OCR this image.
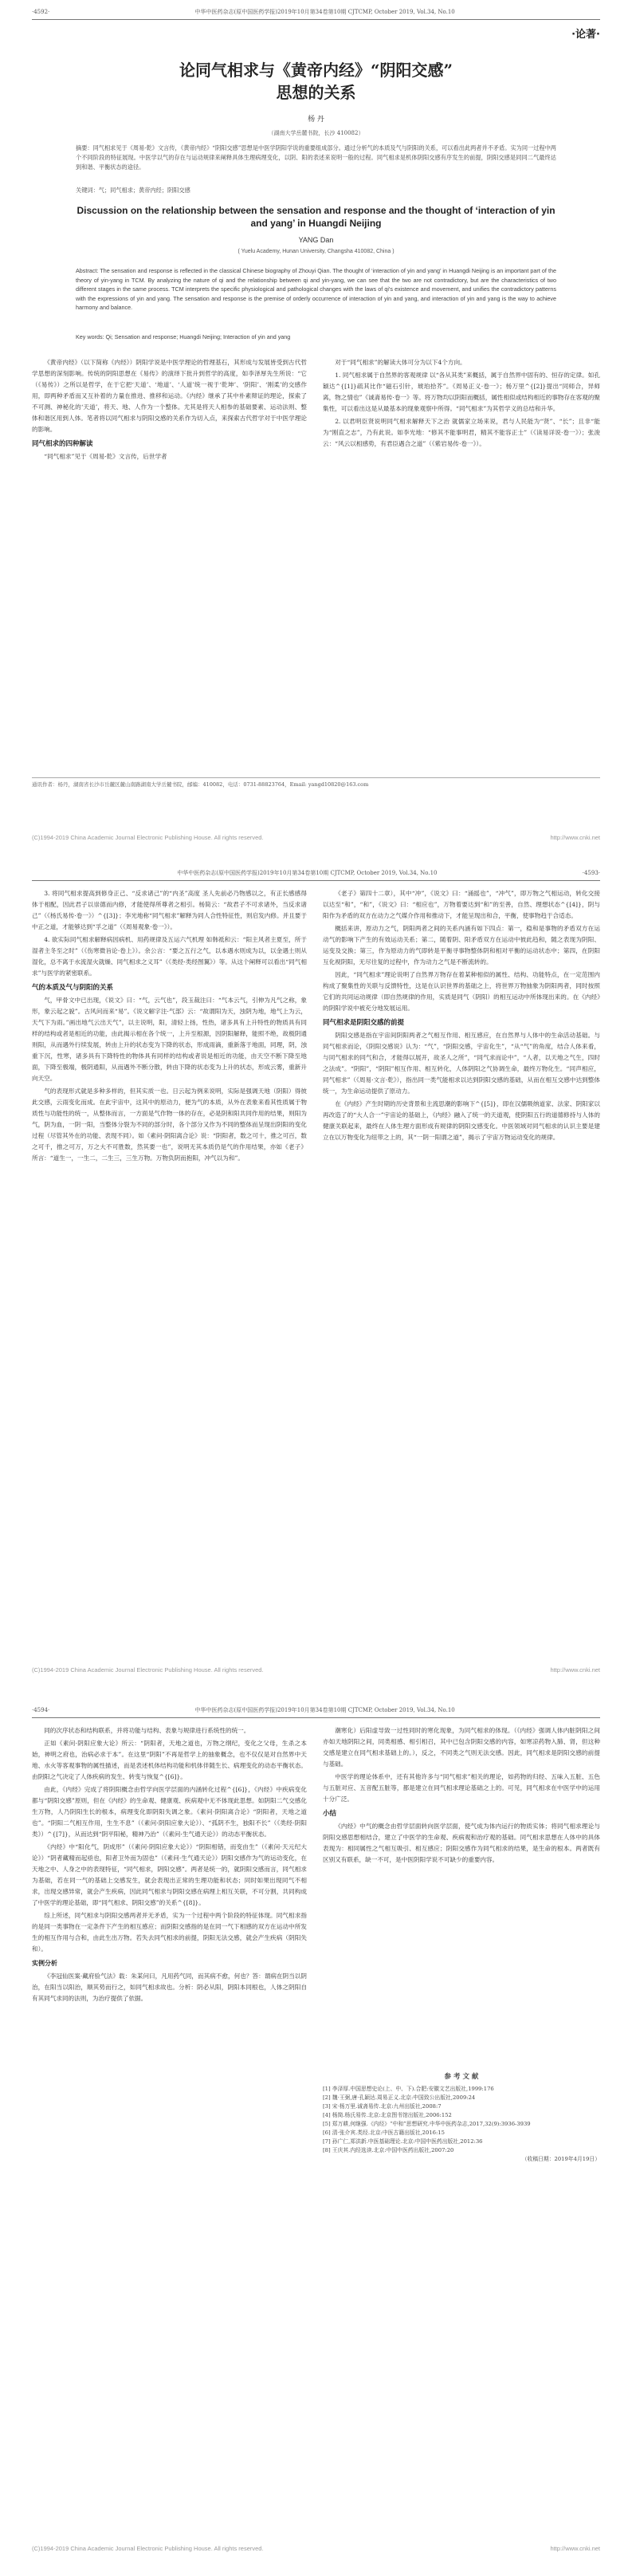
·4592·	中华中医药杂志(原中国医药学报)2019年10月第34卷第10期 CJTCMP, October 2019, Vol.34, No.10
·论著·
论同气相求与《黄帝内经》“阴阳交感”
思想的关系
杨 丹
（湖南大学岳麓书院，长沙 410082）
摘要：同气相求见于《周易·乾》文言传，《黄帝内经》“阴阳交感”思想是中医学阴阳学说的重要组成部分。通过分析气的本质及气与阴阳的关系，可以看出此两者并不矛盾。实为同一过程中两个不同阶段的特征展现。中医学以气的存在与运动规律来阐释具体生理病理变化，以阴、阳的表述来说明一般的过程。同气相求是机体阴阳交感有序发生的前提，阴阳交感是同同二气最终达到和谐、平衡状态的途径。
关键词：气；同气相求；黄帝内经；阴阳交感
Discussion on the relationship between the sensation and response and the thought of ‘interaction of yin and yang’ in Huangdi Neijing
YANG Dan
( Yuelu Academy, Hunan University, Changsha 410082, China )
Abstract: The sensation and response is reflected in the classical Chinese biography of Zhouyi Qian. The thought of ‘interaction of yin and yang’ in Huangdi Neijing is an important part of the theory of yin-yang in TCM. By analyzing the nature of qi and the relationship between qi and yin-yang, we can see that the two are not contradictory, but are the characteristics of two different stages in the same process. TCM interprets the specific physiological and pathological changes with the laws of qi's existence and movement, and unifies the contradictory patterns with the expressions of yin and yang. The sensation and response is the premise of orderly occurrence of interaction of yin and yang, and interaction of yin and yang is the way to achieve harmony and balance.
Key words: Qi; Sensation and response; Huangdi Neijing; Interaction of yin and yang

《黄帝内经》（以下简称《内经》）阴阳学说是中医学理论的哲理基石，其形成与发展皆受到古代哲学思想的深刻影响。传统的阴阳思想在《易传》的演绎下批升到哲学的高度，如李泽厚先生所说：“它（《易传》）之所以是哲学，在于它把‘天道’、‘地道’、‘人道’统一视于‘乾坤’、‘阴阳’、‘刚柔’的交感作用，即两种矛盾而又互补着的力量在推进、推移和运动。《内经》继承了其中朴素辩证的理论，探索了不可测、神秘化的‘天道’，将天、地、人作为一个整体。尤其是将天人相参的基础要素、运动法则、整体和谐区用到人体。笔者将以同气相求与阴阳交感的关系作为切入点，来探索古代哲学对于中医学理论的影响。

同气相求的四种解读

“同气相求”见于《周易·乾》文言传，后世学者

对于“同气相求”的解读大体可分为以下4个方向。

1. 同气相求属于自然界的客观规律 以“各从其类”来概括，属于自然界中固有的、恒存的定律。如孔颖达^{[1]}疏其比作“磁石引针，琥珀拾芥”。《周易正义·卷一》；杨万里^{[2]}提出“同师合，异师离，物之情也”《诚斋易传·卷一》等。将万物均以阴阳而概括，属性相似或结构相近的事物存在客观的聚集性，可以看出这是从最基本的现象观察中所得。“同气相求”为其哲学义的总结和升华。

2. 以君明臣贤说明同气相求解释天下之治 就儒家立场来说，君与人民能为“贤”、“长”；且非“能为“刚直之志”，乃有此说。如李光地：“修其不能事明君，精其不能容正士”（《读易详说·卷一》）；张浚云：“风云以相感势，有君臣遇合之道”（《紫岩易传·卷一》）。

通讯作者：杨丹，湖南省长沙市岳麓区麓山南路湖南大学岳麓书院，邮编：410082，电话：0731-88823764，Email: yangd10820@163.com
(C)1994-2019 China Academic Journal Electronic Publishing House. All rights reserved.	http://www.cnki.net
中华中医药杂志(原中国医药学报)2019年10月第34卷第10期 CJTCMP, October 2019, Vol.34, No.10	·4593·

3. 将同气相求提高到修身正己、“反求诸己”的“内圣”高度 圣人先前必乃物感以之，有正长感感得体于相配，因此君子以崇德而内修，才能使得所尊者之相引。杨简云：“故君子不可求诸外，当反求诸己”（《杨氏易传·卷一》）^{[3]}；李光地称“同气相求”解释为同人合性特征性，则启发内修。并且要于中正之道，才能够达到“孚之道”（《周易观象·卷一》）。

4. 欲实际同气相求解释病因病机、用药规律及五运六气机理 如韩祗和云：“阳主风者主夏至，所于湿者主冬至之时”（《伤寒微旨论·卷上》）。余公言：“要之五行之气，以本遇水则成为以，以金遇土则从湿化，总不离于水流湿火就燥、同气相求之义耳”（《类经·类经图翼》）等。从这个阐释可以看出“同气相求”与医学的紧密联系。

气的本质及气与阴阳的关系

气，甲骨文中已出现，《说文》曰：“气，云气也”，段玉裁注曰：“气本云气，引伸为凡气之称，象形，象云起之貌”。古风问而来“易”。《说文解字注·气部》云：“故谓阳为天，浊阴为地，地气上为云，天气下为雨。”画出地气云出天气”，以主说明，阳，清轻上扬，性热，诸多具有上升特性的物质具有同样的结构或者是相近的功能，由此揭示相在各个统一，上升至根源，因阴阳解释，能照不绝，故极阴通则阳，从而遇外行续发展，转由上升的状态变为下降的状态，形成雨滴，重新落于地面，同理，阴，浊重下沉，性寒，诸多具有下降特性的物体具有同样的结构或者说是相近的功能，由天空不断下降至地面，下降至极端，极阴通阳，从而遇外不断分散，转由下降的状态变为上升的状态，形成云雾，重新升向天空。

气的表现形式就是多种多样的，但其实质一也。日云起为例来说明，实际是强调天地（阴阳）得彼此交感，云雨变化而成。在此宇宙中，这其中的原动力，便为气的本质，从外在表象来看其性质属于物质性与功能性的统一，从整体而言，一方面是气作物一体的存在，必是阴和阳共同作用的结果，则阳为气，阴为血，一阴一阳，当整体分裂为不同的部分时，各个部分又作为不同的整体而呈现出阴阳的变化过程（尽管其外在的功能、表现不同）。如《素问·阴阳离合论》说：“阴阳者，数之可十，推之可百，数之可千，推之可万，万之大不可胜数，然其要一也”，说明无其本质仍是气的作用结果，亦如《老子》所言：“道生一，一生二，二生三，三生万物。万物负阴而抱阳，冲气以为和”。

《老子》第四十二章），其中“冲”，《说文》曰：“涌摇也”，“冲气”，即万物之气相运动，转化交接以达至“和”，“和”，《说文》曰：“相应也”，万物着要达到“和”的至善，自然、理想状态^{[4]}，阴与阳作为矛盾的双方在动力之气媒介作用和推动下，才能呈现出和合，平衡，使事物趋于合适态。

概括来讲，原动力之气，阴阳两者之间的关系内涵有如下四点：第一，稳和是事物的矛盾双方在运动气的影响下产生的有效运动关系；第二，随着阴、阳矛盾双方在运动中彼此趋和，随之表现为阴阳、运变及交换；第三，作为原动力的气即转是平衡寻事物整体阴和相对平衡的运动状态中；第四，在阴阳互化视阴阳，无尽往复的过程中，作为动力之气是不断流转的。

因此，“同气相求”理论说明了自然界万物存在着某种相似的属性、结构、功能特点，在一定范围内构成了聚集性的关联与反馈特性，这是在认识世界的基础之上，将世界万物抽象为阴阳两者，同时按照它们的共同运动规律（即自然规律的作用，实质是同气（阴阳）的相互运动中所体现出来的。在《内经》的阴阳学说中被充分地发展运用。

同气相求是阴阳交感的前提

阴阳交感是指在宇宙间阴阳两者之气相互作用、相互感应，在自然界与人体中的生命活动基础。与同气相求而论，《阴阳交感说》认为：“气”，“阴阳交感，宇宙化生”，“从“气”的角度，结合人体来看，与同气相求的同气和合，才能得以展开，故圣人之所”，“同气求而论中”，“人者，以天地之气生，四时之法成”。“阴阳”，“阴阳”相互作用、相互转化，人体阴阳之气协调生命，最终万物化生。“同声相应，同气相求”（《周易·文言·乾》），指出同一类气能相求以达到阴阳交感的基础，从而在相互交感中达到整体统一，为生命运动提供了原动力。

在《内经》产生时期的历史背景和主流思潮的影响下^{[5]}，即在汉儒吸纳道家、法家、阴阳家以再改造了的“大人合一”宇宙论的基础上，《内经》融入了统一的天道观，使阴阳五行的道德修持与人体的健康关联起来，最终在人体生理方面形成有规律的阴阳交感变化。中医领域对同气相求的认识主要是建立在以万物变化为纽带之上的，其“一阴一阳谓之道”，揭示了宇宙万物运动变化的规律。

(C)1994-2019 China Academic Journal Electronic Publishing House. All rights reserved.	http://www.cnki.net
·4594·	中华中医药杂志(原中国医药学报)2019年10月第34卷第10期 CJTCMP, October 2019, Vol.34, No.10

同的次序状态和结构联系，并将功能与结构、表象与规律进行系统性的统一。

正如《素问·阴阳应象大论》所云：“阴阳者，天地之道也，万物之纲纪，变化之父母，生杀之本始，神明之府也，治病必求于本”。在这里“阴阳”不再是哲学上的抽象概念，也不仅仅是对自然界中天地、水火等客观事物的属性描述，而是表述机体结构功能和机体伴随生长、病理变化的动态平衡状态。由阴阳之气决定了人体疾病的发生、转变与恢复^{[6]}。

由此，《内经》完成了将阴阳概念由哲学向医学层面的内涵转化过程^{[6]}，《内经》中疾病变化都与“阴阳交感”原则，但在《内经》的生命观、健康观、疾病观中无不体现此思想。如阴阳二气交感化生万物，人乃阴阳生长的根本，病理变化即阴阳失调之象。《素问·阴阳离合论》“阴阳者，天地之道也”。“阴阳二气相互作用，生生不息”（《素问·阴阳应象大论》）、“孤阴不生，独阳不长”（《类经·阴阳类》）^{[7]}，从而达到“阴平阳秘，精神乃治”（《素问·生气通天论》）的动态平衡状态。

《内经》中“阳化气，阴成形”（《素问·阴阳应象大论》）“阴阳相错，而变由生”（《素问·天元纪大论》）“阴者藏精而起亟也，阳者卫外而为固也”（《素问·生气通天论》）阴阳交感作为气的运动变化，在天地之中、人身之中的表现特征，“同气相求，阴阳交感”。两者是统一的，就阴阳交感而言，同气相求为基础，若在同一气的基础上交感发生，就会表现出正常的生理功能和状态；同时如果出现同气不相求，出现交感异常，就会产生疾病，因此同气相求与阴阳交感在病理上相互关联，不可分割，共同构成了中医学的理论基础，即“同气相求、阴阳交感”的关系^{[8]}。

综上所述，同气相求与阴阳交感两者并无矛盾，实为一个过程中两个阶段的特征体现。同气相求指的是同一类事物在一定条件下产生的相互感应；而阴阳交感指的是在同一气下相感的双方在运动中所发生的相互作用与合和，由此生出万物。若失去同气相求的前提，阴阳无法交感，就会产生疾病（阴阳失和）。

实例分析

《李冠仙医案·藏府验气法》载：朱某问曰，凡用药气同，而其病不愈，何也？答：谓病在阴当以阴治，在阳当以阳治，顺其势而行之，如同气相求故也。分析：阴必从阳，阴阳本同根也，人体之阴阳自有其同气求同的法则，为治疗提供了依据。

潮寒化）后阳虚导致一过性同时的寒化现象，为同气相求的体现。（《内经》强调人体内脏阴阳之间亦如天地阴阳之间，同类相感、相引相召，其中已包含阴阳交感的内容，如寒凉药物入肺、肾，但这种交感是建立在同气相求基础上的。），反之，不同类之气则无法交感。因此，同气相求是阴阳交感的前提与基础。

中医学的理论体系中，还有其他许多与“同气相求”相关的理论，如药物的归经、五味入五脏、五色与五脏对应、五音配五脏等，都是建立在同气相求理论基础之上的。可见，同气相求在中医学中的运用十分广泛。

小结

《内经》中气的概念由哲学层面转向医学层面，使气成为体内运行的物质实体；将同气相求理论与阴阳交感思想相结合，建立了中医学的生命观、疾病观和治疗观的基础。同气相求思想在人体中的具体表现为：相同属性之气相互吸引、相互感应；阴阳交感作为同气相求的结果，是生命的根本。两者既有区别又有联系，缺一不可，是中医阴阳学说不可缺少的重要内容。

参 考 文 献
[1] 李泽厚.中国思想史论(上、中、下).合肥:安徽文艺出版社,1999:176
[2] 魏·王弼,唐·孔颖达.周易正义.北京:中国致公出版社,2009:24
[3] 宋·杨万里.诚斋易传.北京:九州出版社,2008:7
[4] 杨简.杨氏易传.北京:北京图书馆出版社,2006:152
[5] 郑万耕,何继强.《内经》“中和”思想研究.中华中医药杂志,2017,32(9):3936-3939
[6] 清·张介宾.类经.北京:中医古籍出版社,2016:15
[7] 孙广仁,郑洪新.中医基础理论.北京:中国中医药出版社,2012:36
[8] 王庆其.内经选读.北京:中国中医药出版社,2007:20
（收稿日期：2019年4月19日）
(C)1994-2019 China Academic Journal Electronic Publishing House. All rights reserved.	http://www.cnki.net
